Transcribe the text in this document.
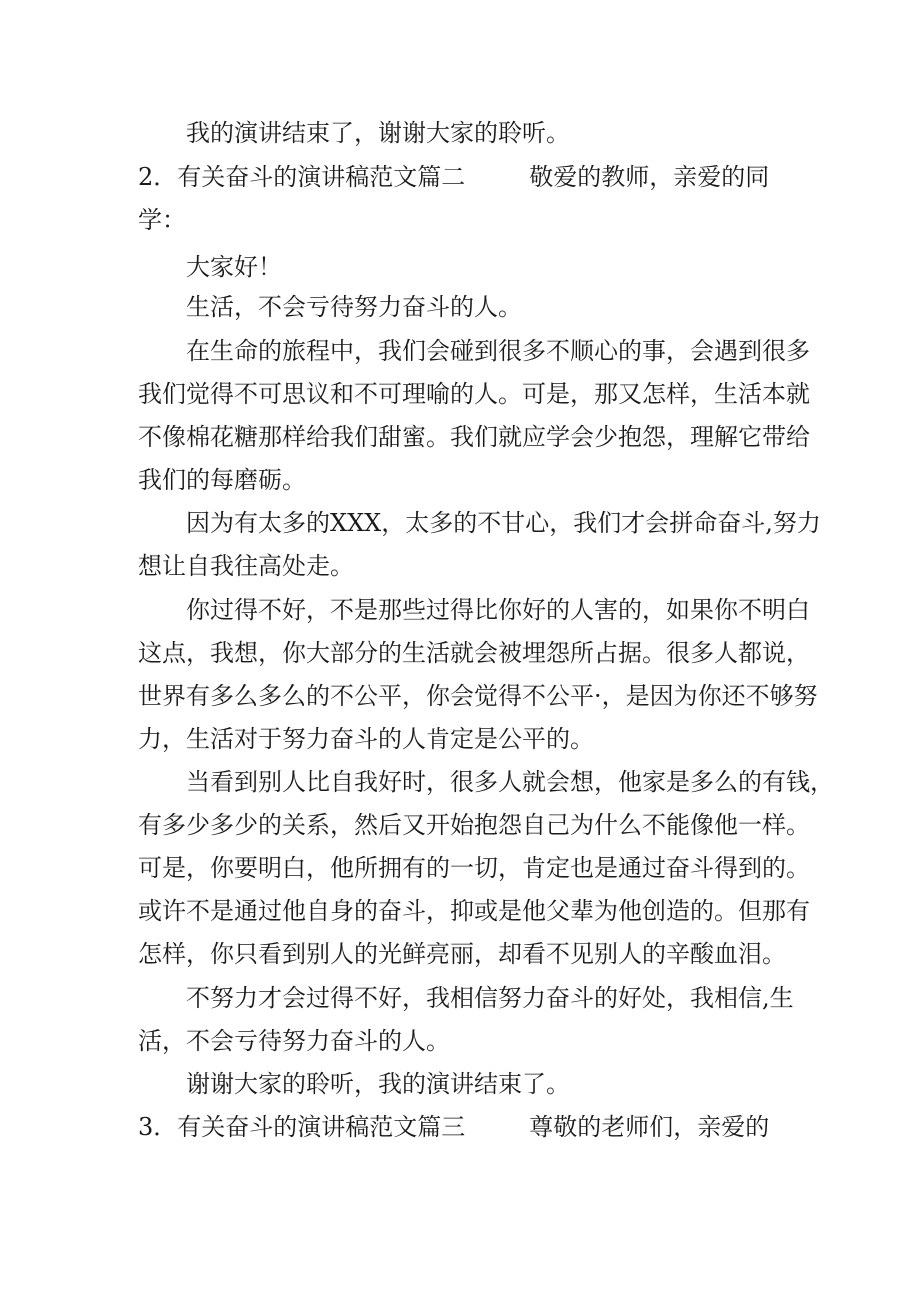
我的演讲结束了，谢谢大家的聆听。
2．有关奋斗的演讲稿范文篇二	敬爱的教师，亲爱的同
学：
大家好！
生活，不会亏待努力奋斗的人。
在生命的旅程中，我们会碰到很多不顺心的事，会遇到很多
我们觉得不可思议和不可理喻的人。可是，那又怎样，生活本就
不像棉花糖那样给我们甜蜜。我们就应学会少抱怨，理解它带给
我们的每磨砺。
因为有太多的XXX，太多的不甘心，我们才会拼命奋斗,努力
想让自我往高处走。
你过得不好，不是那些过得比你好的人害的，如果你不明白
这点，我想，你大部分的生活就会被埋怨所占据。很多人都说，
世界有多么多么的不公平，你会觉得不公平·，是因为你还不够努
力，生活对于努力奋斗的人肯定是公平的。
当看到别人比自我好时，很多人就会想，他家是多么的有钱，
有多少多少的关系，然后又开始抱怨自己为什么不能像他一样。
可是，你要明白，他所拥有的一切，肯定也是通过奋斗得到的。
或许不是通过他自身的奋斗，抑或是他父辈为他创造的。但那有
怎样，你只看到别人的光鲜亮丽，却看不见别人的辛酸血泪。
不努力才会过得不好，我相信努力奋斗的好处，我相信,生
活，不会亏待努力奋斗的人。
谢谢大家的聆听，我的演讲结束了。
3．有关奋斗的演讲稿范文篇三	尊敬的老师们，亲爱的
